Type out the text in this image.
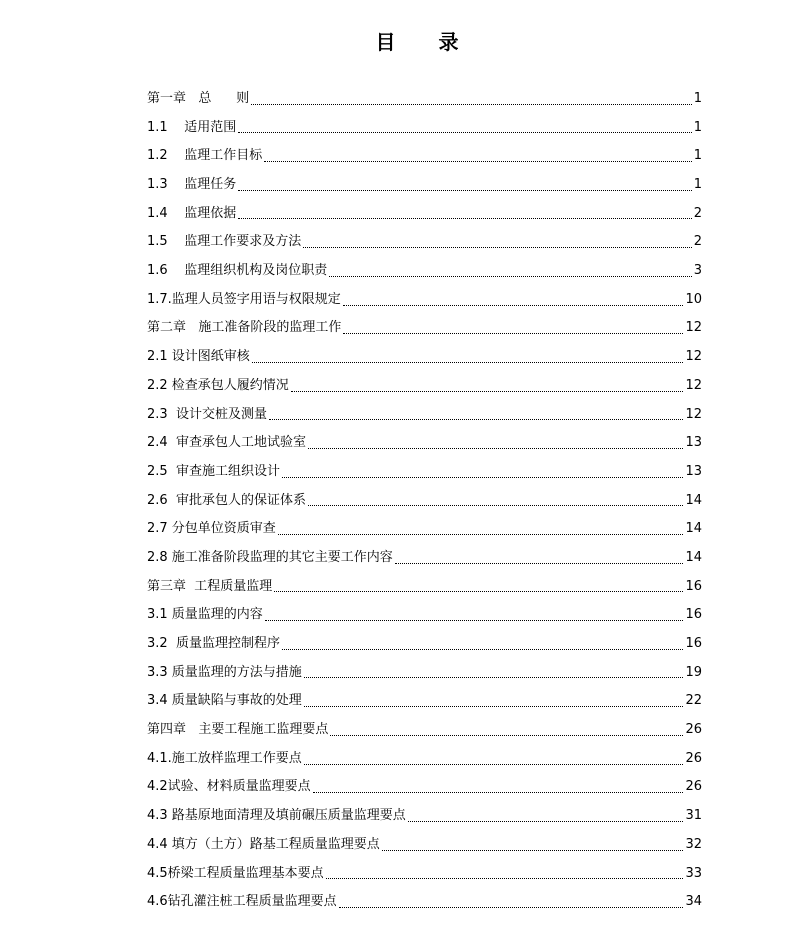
目 录
第一章   总      则	1
1.1    适用范围	1
1.2    监理工作目标	1
1.3    监理任务	1
1.4    监理依据	2
1.5    监理工作要求及方法	2
1.6    监理组织机构及岗位职责	3
1.7.监理人员签字用语与权限规定	10
第二章   施工准备阶段的监理工作	12
2.1 设计图纸审核	12
2.2 检查承包人履约情况	12
2.3  设计交桩及测量	12
2.4  审查承包人工地试验室	13
2.5  审查施工组织设计	13
2.6  审批承包人的保证体系	14
2.7 分包单位资质审查	14
2.8 施工准备阶段监理的其它主要工作内容	14
第三章  工程质量监理	16
3.1 质量监理的内容	16
3.2  质量监理控制程序	16
3.3 质量监理的方法与措施	19
3.4 质量缺陷与事故的处理	22
第四章   主要工程施工监理要点	26
4.1.施工放样监理工作要点	26
4.2试验、材料质量监理要点	26
4.3 路基原地面清理及填前碾压质量监理要点	31
4.4 填方（土方）路基工程质量监理要点	32
4.5桥梁工程质量监理基本要点	33
4.6钻孔灌注桩工程质量监理要点	34
